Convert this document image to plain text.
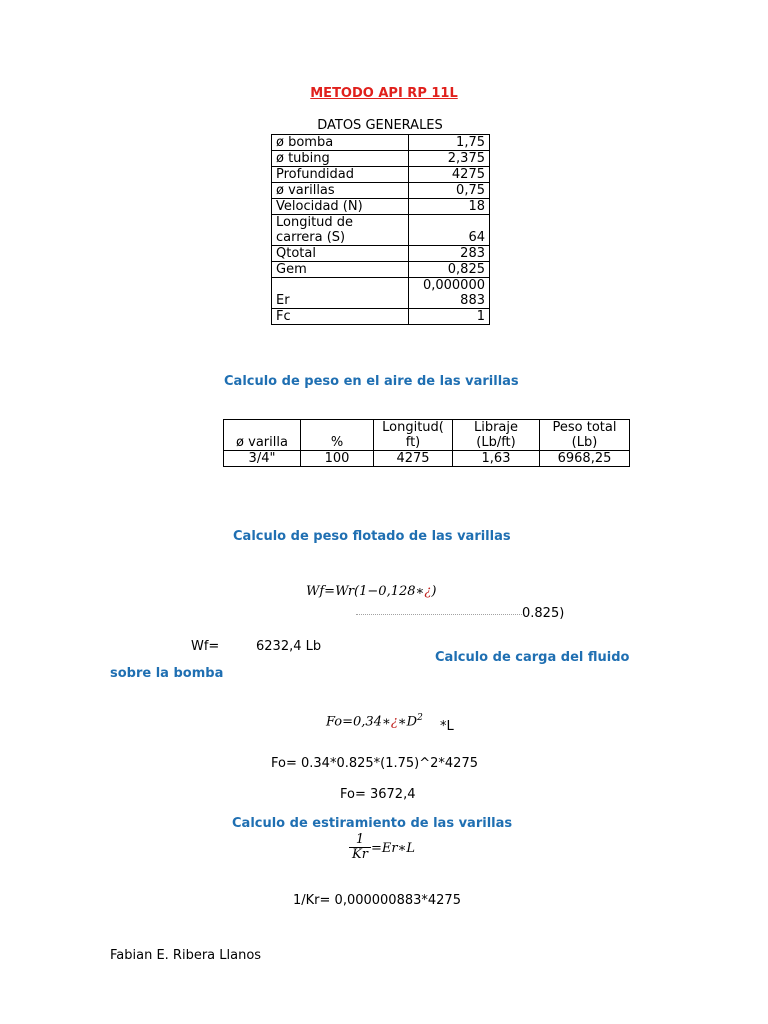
METODO API RP 11L
DATOS GENERALES
ø bomba	1,75
ø tubing	2,375
Profundidad	4275
ø varillas	0,75
Velocidad (N)	18
Longitud de carrera (S)	64
Qtotal	283
Gem	0,825
Er	0,000000 883
Fc	1
Calculo de peso en el aire de las varillas
ø varilla	%	Longitud( ft)	Libraje (Lb/ft)	Peso total (Lb)
3/4"	100	4275	1,63	6968,25
Calculo de peso flotado de las varillas
Wf=Wr(1−0,128∗¿)
0.825)
Wf=	6232,4 Lb
Calculo de carga del fluido
sobre la bomba
$Fo=0,34∗¿∗D^2$
*L
Fo= 0.34*0.825*(1.75)^2*4275
Fo= 3672,4
Calculo de estiramiento de las varillas
1
Kr =Er∗L
1/Kr= 0,000000883*4275
Fabian E. Ribera Llanos
